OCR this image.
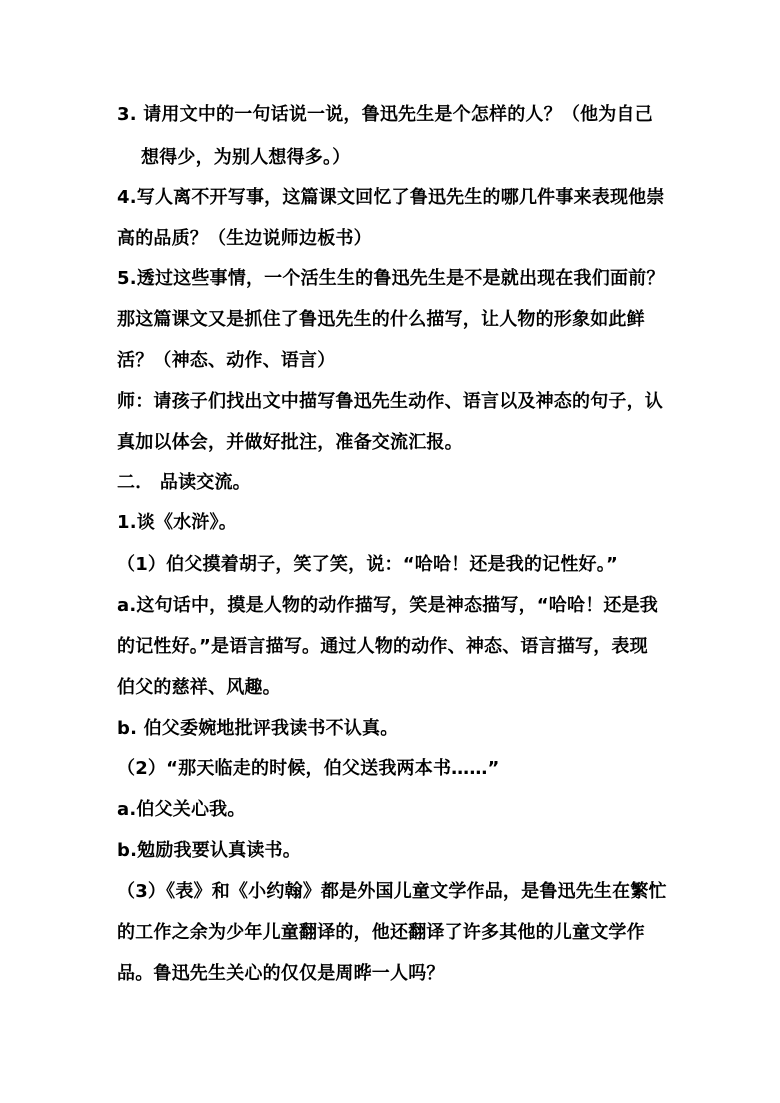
3. 请用文中的一句话说一说，鲁迅先生是个怎样的人？（他为自己
想得少，为别人想得多。）
4.写人离不开写事，这篇课文回忆了鲁迅先生的哪几件事来表现他崇
高的品质？（生边说师边板书）
5.透过这些事情，一个活生生的鲁迅先生是不是就出现在我们面前？
那这篇课文又是抓住了鲁迅先生的什么描写，让人物的形象如此鲜
活？（神态、动作、语言）
师：请孩子们找出文中描写鲁迅先生动作、语言以及神态的句子，认
真加以体会，并做好批注，准备交流汇报。
二． 品读交流。
1.谈《水浒》。
（1）伯父摸着胡子，笑了笑，说：“哈哈！还是我的记性好。”
a.这句话中，摸是人物的动作描写，笑是神态描写，“哈哈！还是我
的记性好。”是语言描写。通过人物的动作、神态、语言描写，表现
伯父的慈祥、风趣。
b. 伯父委婉地批评我读书不认真。
（2）“那天临走的时候，伯父送我两本书……”
a.伯父关心我。
b.勉励我要认真读书。
（3）《表》和《小约翰》都是外国儿童文学作品，是鲁迅先生在繁忙
的工作之余为少年儿童翻译的，他还翻译了许多其他的儿童文学作
品。鲁迅先生关心的仅仅是周晔一人吗？
